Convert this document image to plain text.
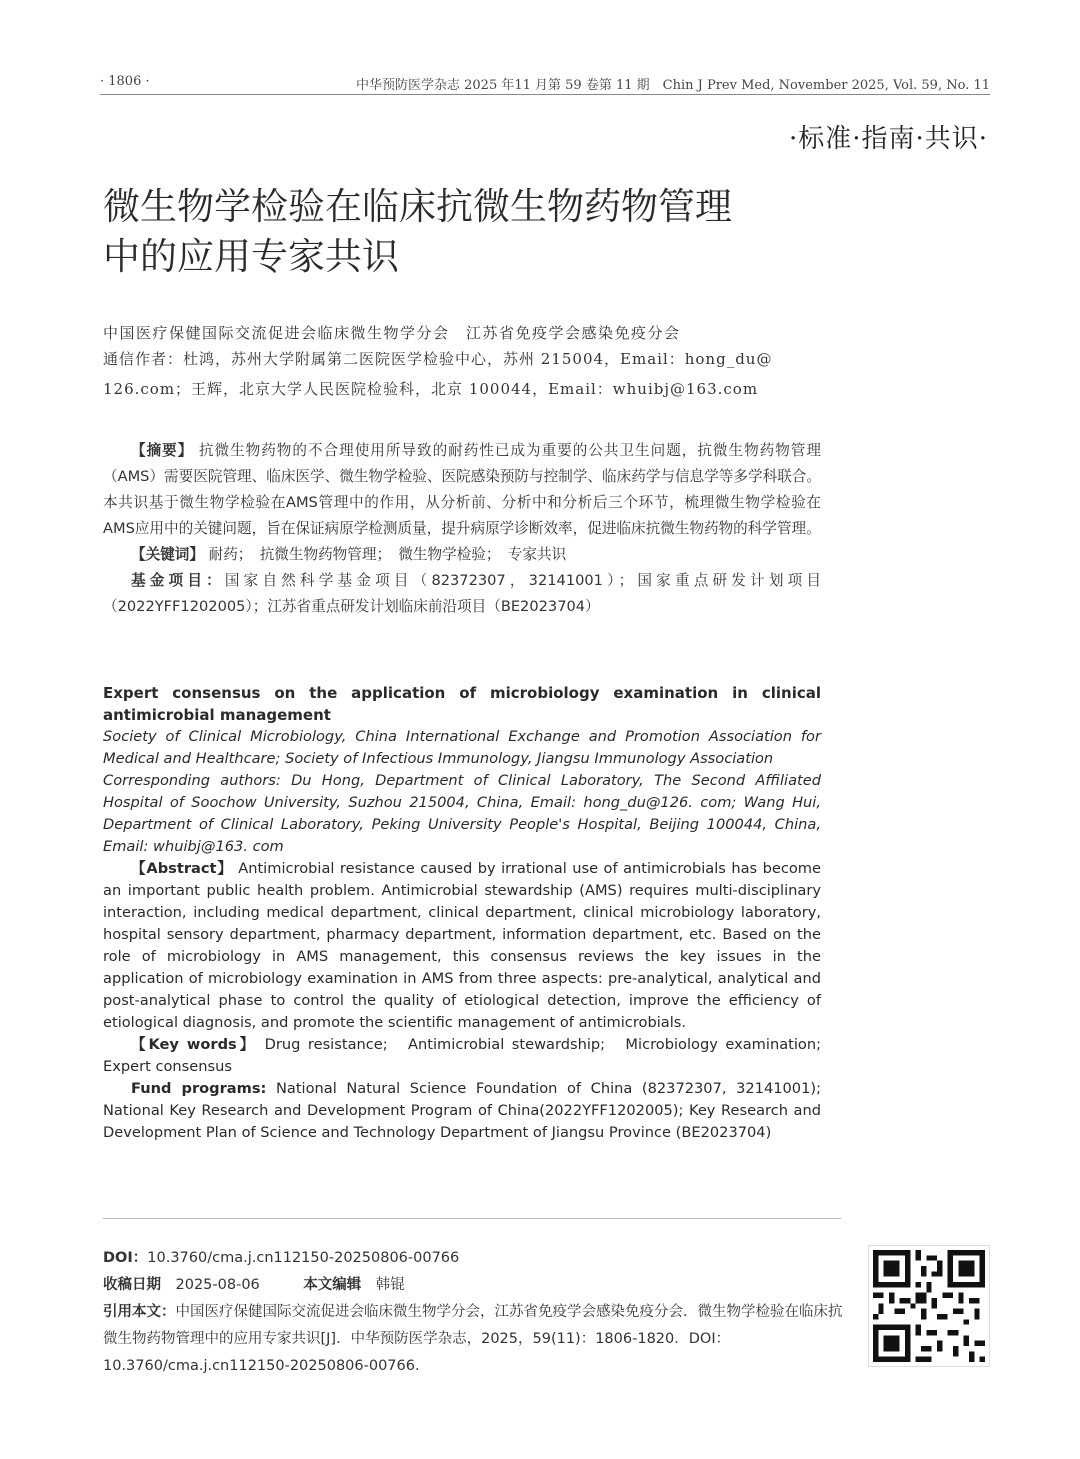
· 1806 ·	中华预防医学杂志 2025 年11 月第 59 卷第 11 期　Chin J Prev Med, November 2025, Vol. 59, No. 11
·标准·指南·共识·
微生物学检验在临床抗微生物药物管理
中的应用专家共识

中国医疗保健国际交流促进会临床微生物学分会　江苏省免疫学会感染免疫分会

通信作者：杜鸿，苏州大学附属第二医院医学检验中心，苏州 215004，Email：hong_du@

126.com；王辉，北京大学人民医院检验科，北京 100044，Email：whuibj@163.com

【摘要】 抗微生物药物的不合理使用所导致的耐药性已成为重要的公共卫生问题，抗微生物药物管理（AMS）需要医院管理、临床医学、微生物学检验、医院感染预防与控制学、临床药学与信息学等多学科联合。本共识基于微生物学检验在AMS管理中的作用，从分析前、分析中和分析后三个环节，梳理微生物学检验在AMS应用中的关键问题，旨在保证病原学检测质量，提升病原学诊断效率，促进临床抗微生物药物的科学管理。

【关键词】 耐药；　抗微生物药物管理；　微生物学检验；　专家共识

基金项目：国家自然科学基金项目（82372307，32141001）；国家重点研发计划项目（2022YFF1202005）；江苏省重点研发计划临床前沿项目（BE2023704）

Expert consensus on the application of microbiology examination in clinical antimicrobial management

Society of Clinical Microbiology, China International Exchange and Promotion Association for Medical and Healthcare; Society of Infectious Immunology, Jiangsu Immunology Association

Corresponding authors: Du Hong, Department of Clinical Laboratory, The Second Affiliated Hospital of Soochow University, Suzhou 215004, China, Email: hong_du@126. com; Wang Hui, Department of Clinical Laboratory, Peking University People's Hospital, Beijing 100044, China, Email: whuibj@163. com

【Abstract】 Antimicrobial resistance caused by irrational use of antimicrobials has become an important public health problem. Antimicrobial stewardship (AMS) requires multi-disciplinary interaction, including medical department, clinical department, clinical microbiology laboratory, hospital sensory department, pharmacy department, information department, etc. Based on the role of microbiology in AMS management, this consensus reviews the key issues in the application of microbiology examination in AMS from three aspects: pre-analytical, analytical and post-analytical phase to control the quality of etiological detection, improve the efficiency of etiological diagnosis, and promote the scientific management of antimicrobials.

【Key words】 Drug resistance;　Antimicrobial stewardship;　Microbiology examination; Expert consensus

Fund programs: National Natural Science Foundation of China (82372307, 32141001); National Key Research and Development Program of China(2022YFF1202005); Key Research and Development Plan of Science and Technology Department of Jiangsu Province (BE2023704)

DOI：10.3760/cma.j.cn112150-20250806-00766

收稿日期　 2025-08-06　　　	本文编辑　 韩锟

引用本文：中国医疗保健国际交流促进会临床微生物学分会，江苏省免疫学会感染免疫分会．微生物学检验在临床抗微生物药物管理中的应用专家共识[J]．中华预防医学杂志，2025，59(11)：1806-1820．DOI：10.3760/cma.j.cn112150-20250806-00766.
